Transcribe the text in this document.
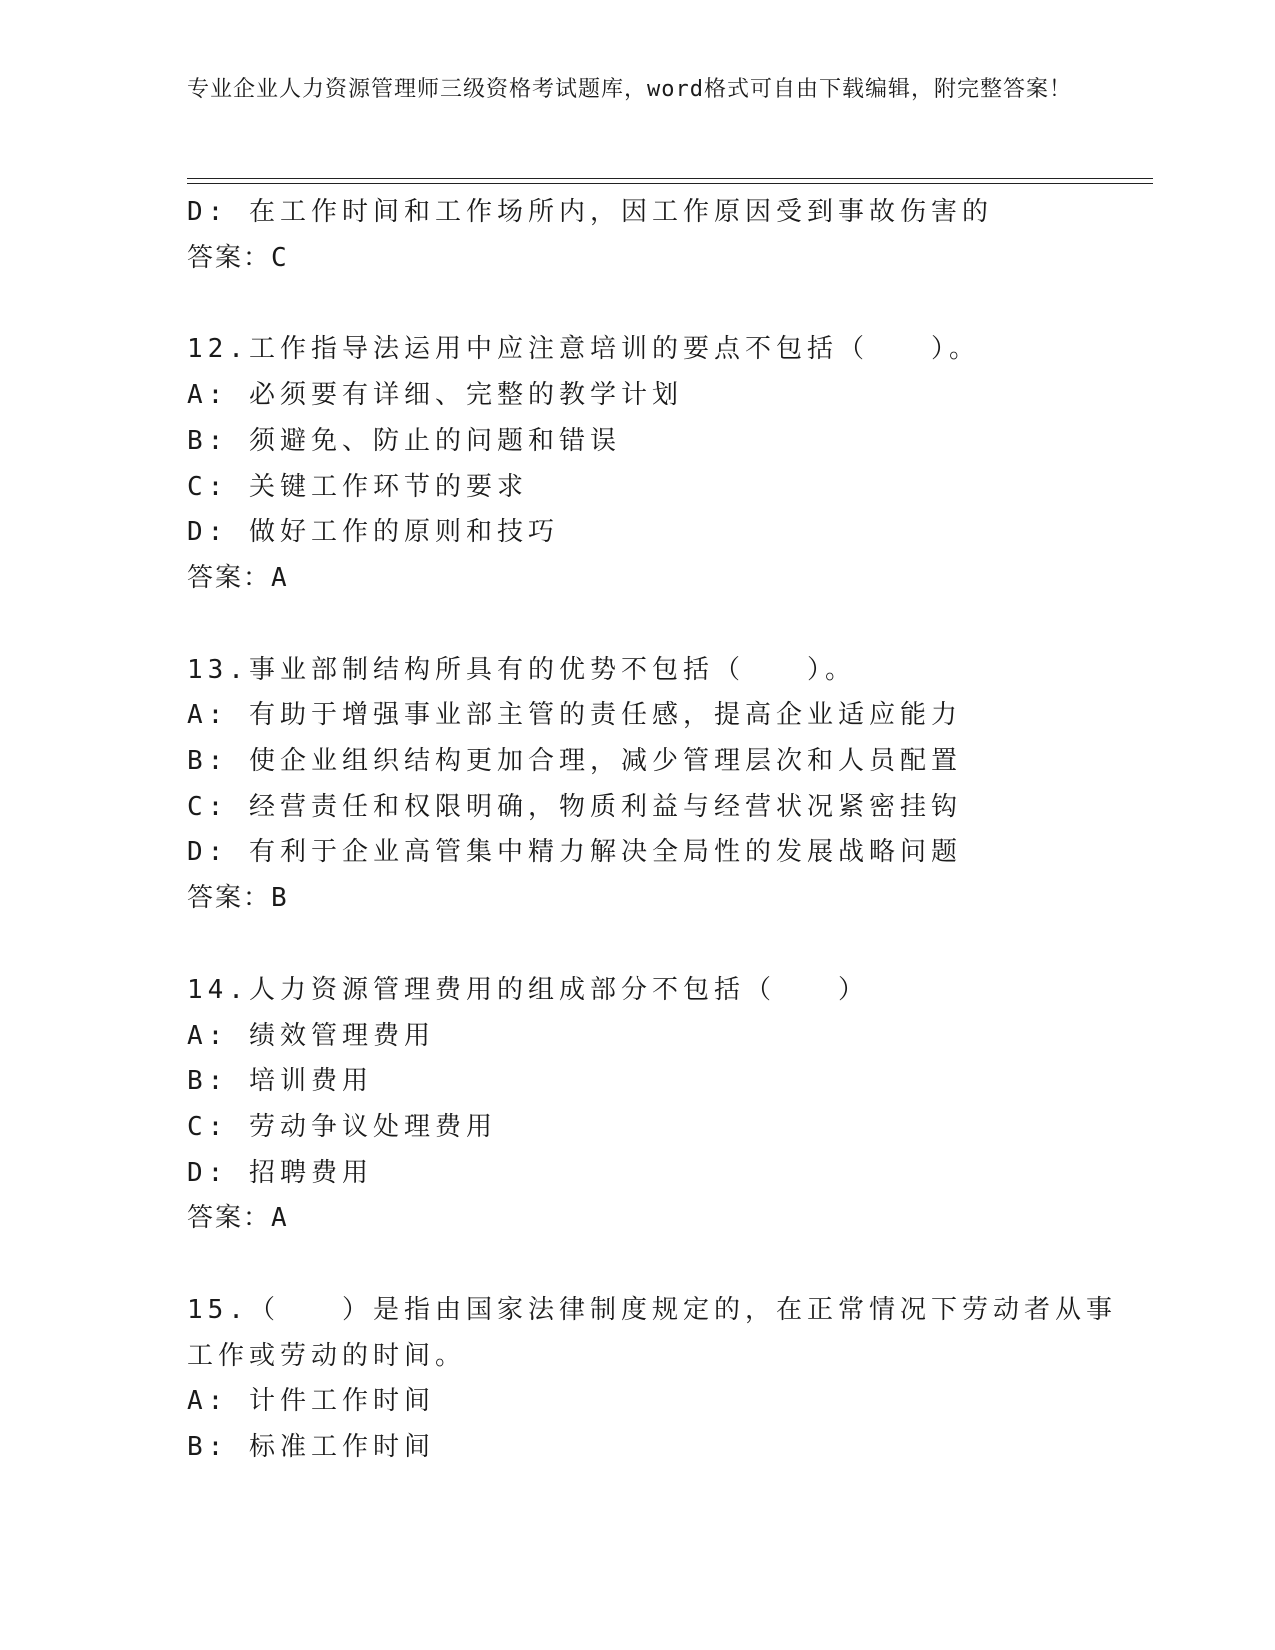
专业企业人力资源管理师三级资格考试题库，word格式可自由下载编辑，附完整答案！
D: 在工作时间和工作场所内，因工作原因受到事故伤害的
答案：C
12.工作指导法运用中应注意培训的要点不包括（　　）。
A: 必须要有详细、完整的教学计划
B: 须避免、防止的问题和错误
C: 关键工作环节的要求
D: 做好工作的原则和技巧
答案：A
13.事业部制结构所具有的优势不包括（　　）。
A: 有助于增强事业部主管的责任感，提高企业适应能力
B: 使企业组织结构更加合理，减少管理层次和人员配置
C: 经营责任和权限明确，物质利益与经营状况紧密挂钩
D: 有利于企业高管集中精力解决全局性的发展战略问题
答案：B
14.人力资源管理费用的组成部分不包括（　　）
A: 绩效管理费用
B: 培训费用
C: 劳动争议处理费用
D: 招聘费用
答案：A
15.（　　）是指由国家法律制度规定的，在正常情况下劳动者从事工作或劳动的时间。
A: 计件工作时间
B: 标准工作时间
